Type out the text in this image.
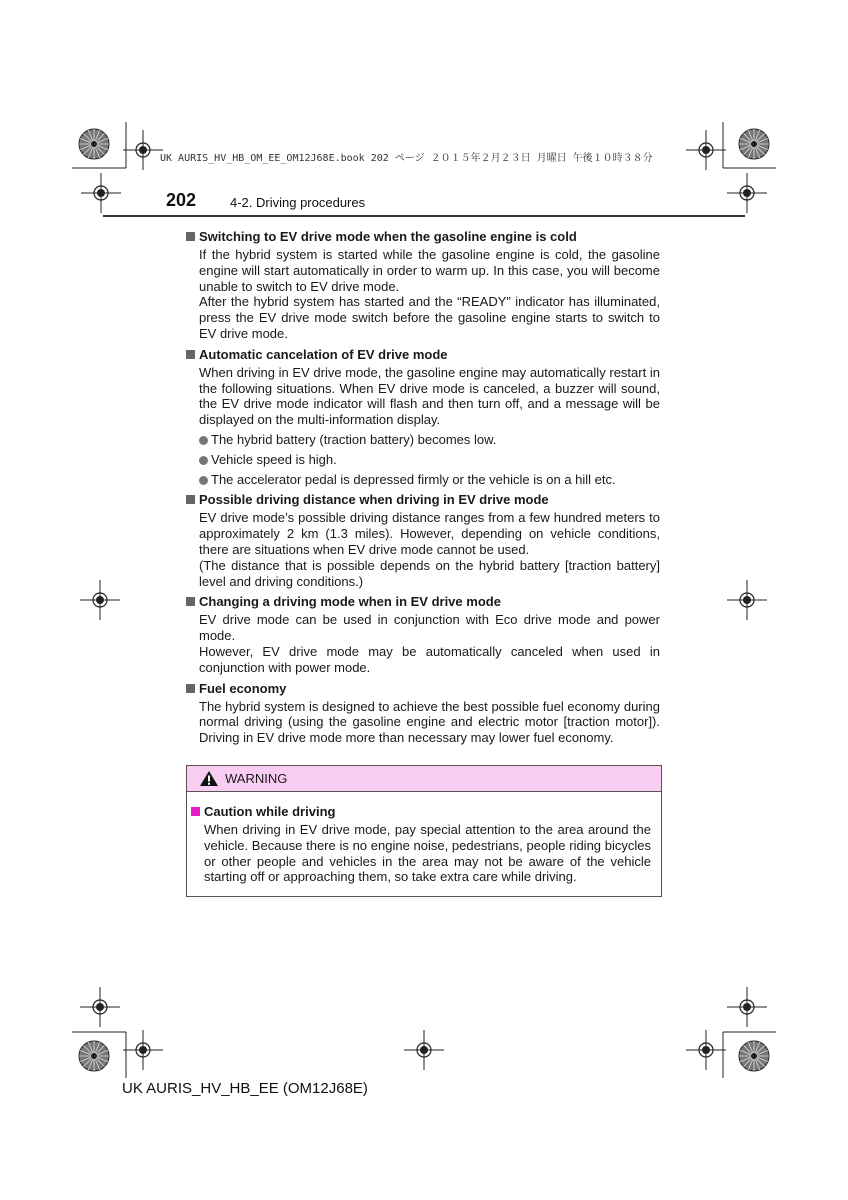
UK AURIS_HV_HB_OM_EE_OM12J68E.book 202 ページ ２０１５年２月２３日 月曜日 午後１０時３８分
202	4-2. Driving procedures
Switching to EV drive mode when the gasoline engine is cold
If the hybrid system is started while the gasoline engine is cold, the gasoline engine will start automatically in order to warm up. In this case, you will become unable to switch to EV drive mode.
After the hybrid system has started and the “READY” indicator has illuminated, press the EV drive mode switch before the gasoline engine starts to switch to EV drive mode.
Automatic cancelation of EV drive mode
When driving in EV drive mode, the gasoline engine may automatically restart in the following situations. When EV drive mode is canceled, a buzzer will sound, the EV drive mode indicator will flash and then turn off, and a message will be displayed on the multi-information display.
The hybrid battery (traction battery) becomes low.
Vehicle speed is high.
The accelerator pedal is depressed firmly or the vehicle is on a hill etc.
Possible driving distance when driving in EV drive mode
EV drive mode’s possible driving distance ranges from a few hundred meters to approximately 2 km (1.3 miles). However, depending on vehicle conditions, there are situations when EV drive mode cannot be used.
(The distance that is possible depends on the hybrid battery [traction battery] level and driving conditions.)
Changing a driving mode when in EV drive mode
EV drive mode can be used in conjunction with Eco drive mode and power mode.
However, EV drive mode may be automatically canceled when used in conjunction with power mode.
Fuel economy
The hybrid system is designed to achieve the best possible fuel economy during normal driving (using the gasoline engine and electric motor [traction motor]). Driving in EV drive mode more than necessary may lower fuel economy.
WARNING
Caution while driving
When driving in EV drive mode, pay special attention to the area around the vehicle. Because there is no engine noise, pedestrians, people riding bicycles or other people and vehicles in the area may not be aware of the vehicle starting off or approaching them, so take extra care while driving.
UK AURIS_HV_HB_EE (OM12J68E)
